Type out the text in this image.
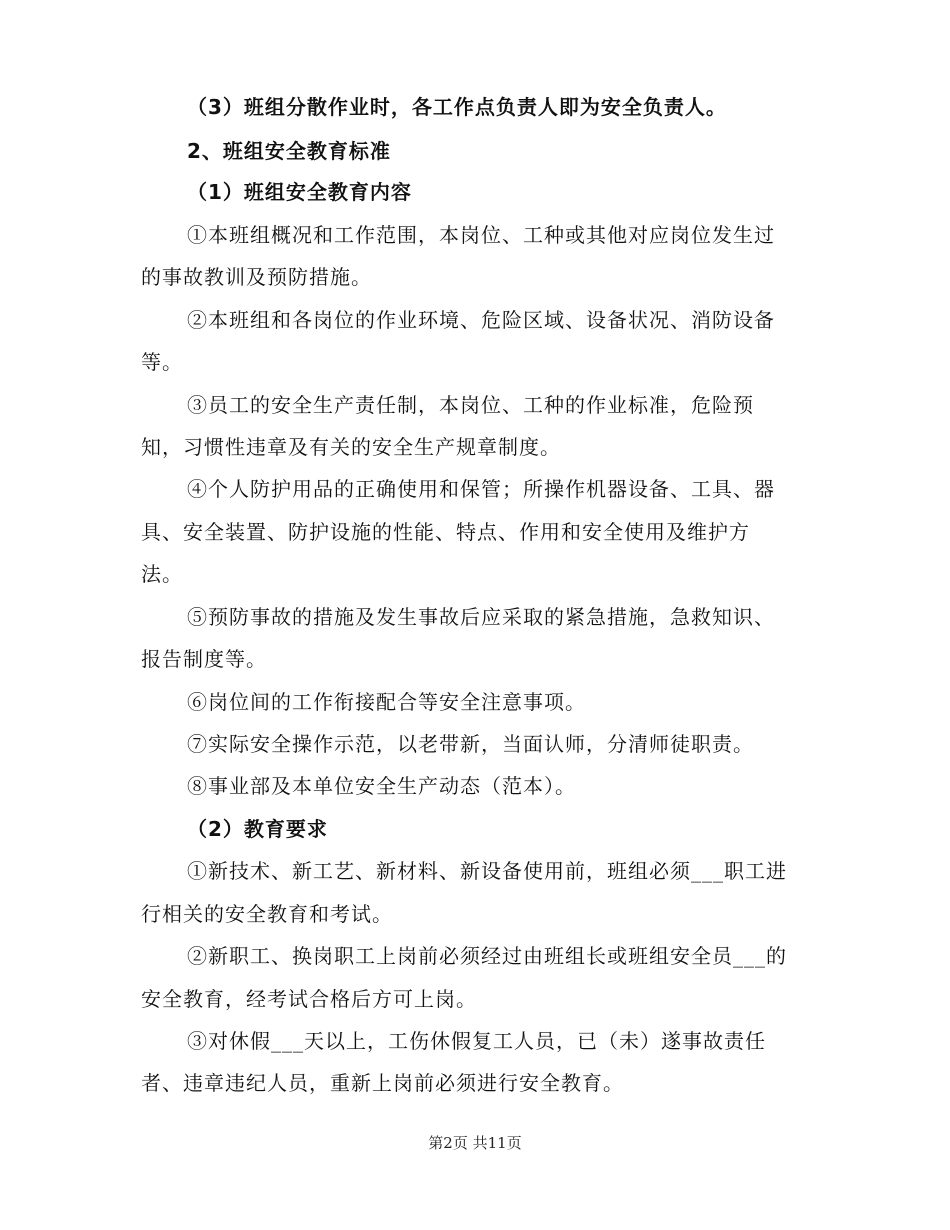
（3）班组分散作业时，各工作点负责人即为安全负责人。
2、班组安全教育标准
（1）班组安全教育内容
①本班组概况和工作范围，本岗位、工种或其他对应岗位发生过
的事故教训及预防措施。
②本班组和各岗位的作业环境、危险区域、设备状况、消防设备
等。
③员工的安全生产责任制，本岗位、工种的作业标准，危险预
知，习惯性违章及有关的安全生产规章制度。
④个人防护用品的正确使用和保管；所操作机器设备、工具、器
具、安全装置、防护设施的性能、特点、作用和安全使用及维护方
法。
⑤预防事故的措施及发生事故后应采取的紧急措施，急救知识、
报告制度等。
⑥岗位间的工作衔接配合等安全注意事项。
⑦实际安全操作示范，以老带新，当面认师，分清师徒职责。
⑧事业部及本单位安全生产动态（范本）。
（2）教育要求
①新技术、新工艺、新材料、新设备使用前，班组必须___职工进
行相关的安全教育和考试。
②新职工、换岗职工上岗前必须经过由班组长或班组安全员___的
安全教育，经考试合格后方可上岗。
③对休假___天以上，工伤休假复工人员，已（未）遂事故责任
者、违章违纪人员，重新上岗前必须进行安全教育。
第2页 共11页
